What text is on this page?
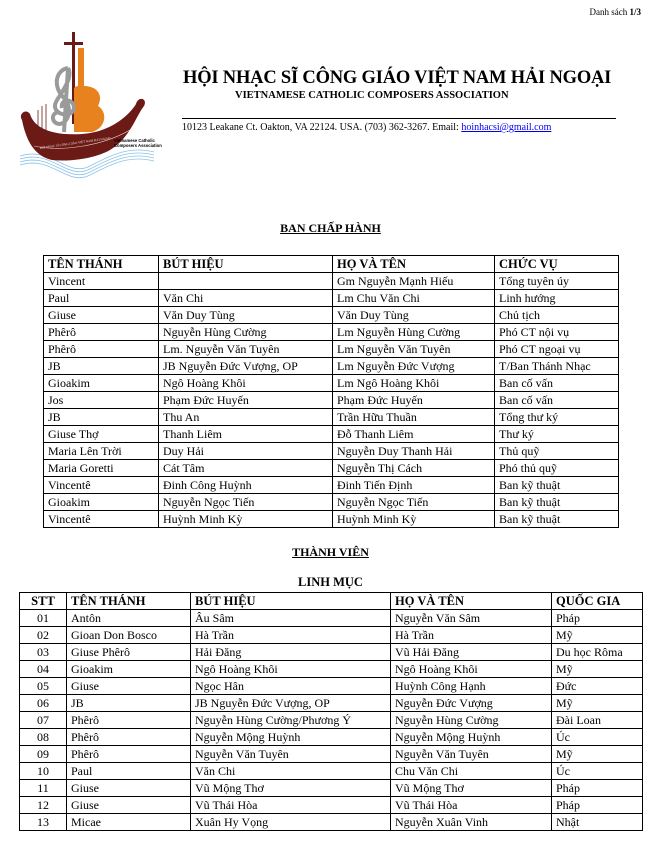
Danh sách 1/3
HỘI NHẠC SĨ CÔNG GIÁO VIỆT NAM HẢI NGOẠI Vietnamese Catholic
Composers Association
HỘI NHẠC SĨ CÔNG GIÁO VIỆT NAM HẢI NGOẠI
VIETNAMESE CATHOLIC COMPOSERS ASSOCIATION
10123 Leakane Ct. Oakton, VA 22124. USA. (703) 362-3267. Email: hoinhacsi@gmail.com
BAN CHẤP HÀNH
TÊN THÁNH	BÚT HIỆU	HỌ VÀ TÊN	CHỨC VỤ
Vincent		Gm Nguyễn Mạnh Hiếu	Tổng tuyên úy
Paul	Văn Chi	Lm Chu Văn Chi	Linh hướng
Giuse	Văn Duy Tùng	Văn Duy Tùng	Chủ tịch
Phêrô	Nguyễn Hùng Cường	Lm Nguyễn Hùng Cường	Phó CT nội vụ
Phêrô	Lm. Nguyễn Văn Tuyên	Lm Nguyễn Văn Tuyên	Phó CT ngoại vụ
JB	JB Nguyễn Đức Vượng, OP	Lm Nguyễn Đức Vượng	T/Ban Thánh Nhạc
Gioakim	Ngô Hoàng Khôi	Lm Ngô Hoàng Khôi	Ban cố vấn
Jos	Phạm Đức Huyến	Phạm Đức Huyến	Ban cố vấn
JB	Thu An	Trần Hữu Thuần	Tổng thư ký
Giuse Thợ	Thanh Liêm	Đỗ Thanh Liêm	Thư ký
Maria Lên Trời	Duy Hải	Nguyễn Duy Thanh Hải	Thủ quỹ
Maria Goretti	Cát Tâm	Nguyễn Thị Cách	Phó thủ quỹ
Vincentê	Đinh Công Huỳnh	Đinh Tiến Định	Ban kỹ thuật
Gioakim	Nguyễn Ngọc Tiến	Nguyễn Ngọc Tiến	Ban kỹ thuật
Vincentê	Huỳnh Minh Kỳ	Huỳnh Minh Kỳ	Ban kỹ thuật
THÀNH VIÊN
LINH MỤC
STT	TÊN THÁNH	BÚT HIỆU	HỌ VÀ TÊN	QUỐC GIA
01	Antôn	Âu Sâm	Nguyễn Văn Sâm	Pháp
02	Gioan Don Bosco	Hà Trần	Hà Trần	Mỹ
03	Giuse Phêrô	Hải Đăng	Vũ Hải Đăng	Du học Rôma
04	Gioakim	Ngô Hoàng Khôi	Ngô Hoàng Khôi	Mỹ
05	Giuse	Ngọc Hân	Huỳnh Công Hạnh	Đức
06	JB	JB Nguyễn Đức Vượng, OP	Nguyễn Đức Vượng	Mỹ
07	Phêrô	Nguyễn Hùng Cường/Phương Ý	Nguyễn Hùng Cường	Đài Loan
08	Phêrô	Nguyễn Mộng Huỳnh	Nguyễn Mộng Huỳnh	Úc
09	Phêrô	Nguyễn Văn Tuyên	Nguyễn Văn Tuyên	Mỹ
10	Paul	Văn Chi	Chu Văn Chi	Úc
11	Giuse	Vũ Mộng Thơ	Vũ Mộng Thơ	Pháp
12	Giuse	Vũ Thái Hòa	Vũ Thái Hòa	Pháp
13	Micae	Xuân Hy Vọng	Nguyễn Xuân Vinh	Nhật
